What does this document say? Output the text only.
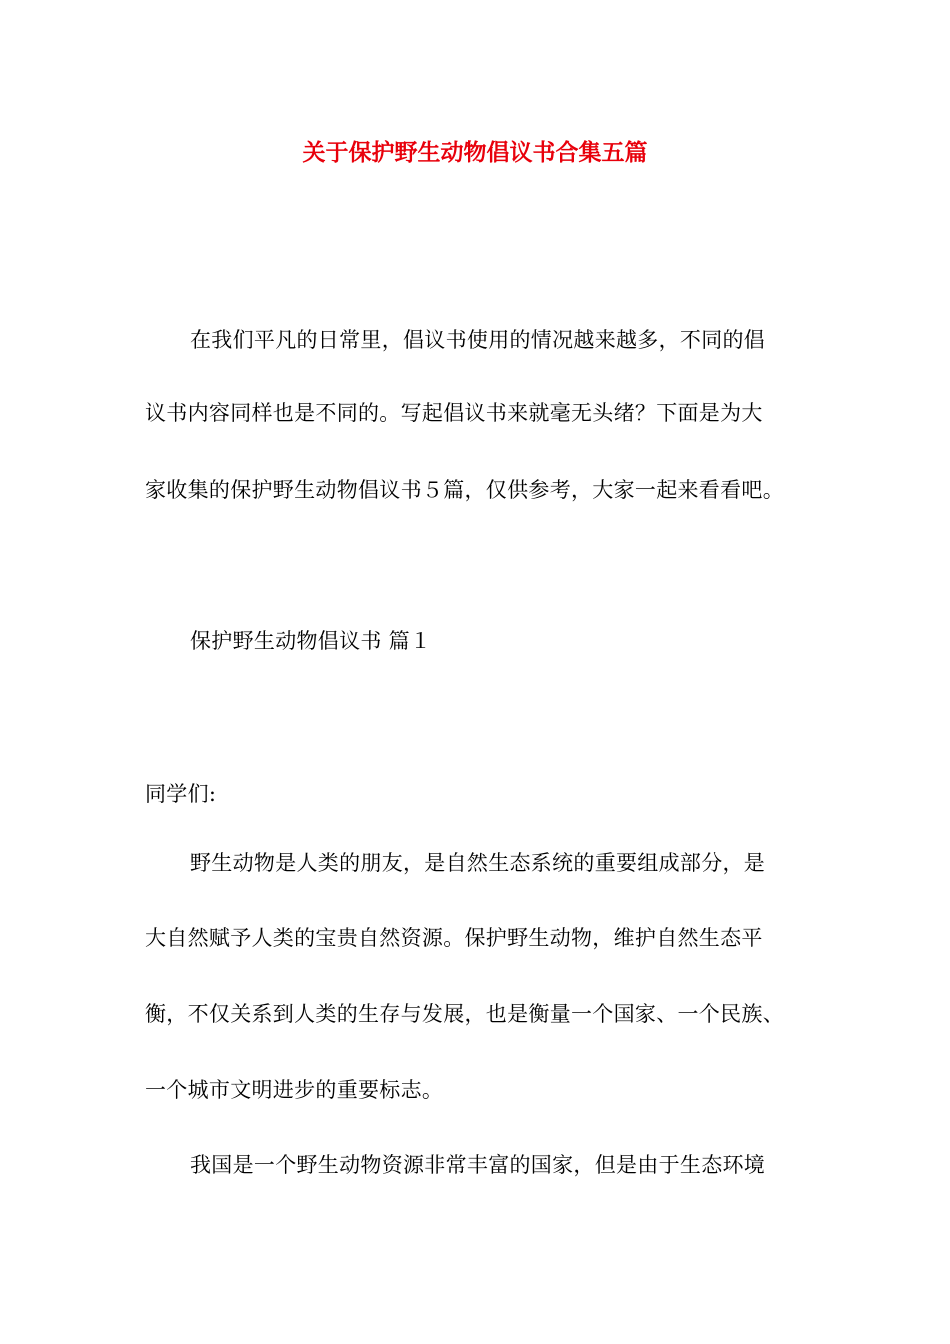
关于保护野生动物倡议书合集五篇
在我们平凡的日常里，倡议书使用的情况越来越多，不同的倡
议书内容同样也是不同的。写起倡议书来就毫无头绪？下面是为大
家收集的保护野生动物倡议书５篇，仅供参考，大家一起来看看吧。
保护野生动物倡议书 篇１
同学们:
野生动物是人类的朋友，是自然生态系统的重要组成部分，是
大自然赋予人类的宝贵自然资源。保护野生动物，维护自然生态平
衡，不仅关系到人类的生存与发展，也是衡量一个国家、一个民族、
一个城市文明进步的重要标志。
我国是一个野生动物资源非常丰富的国家，但是由于生态环境
